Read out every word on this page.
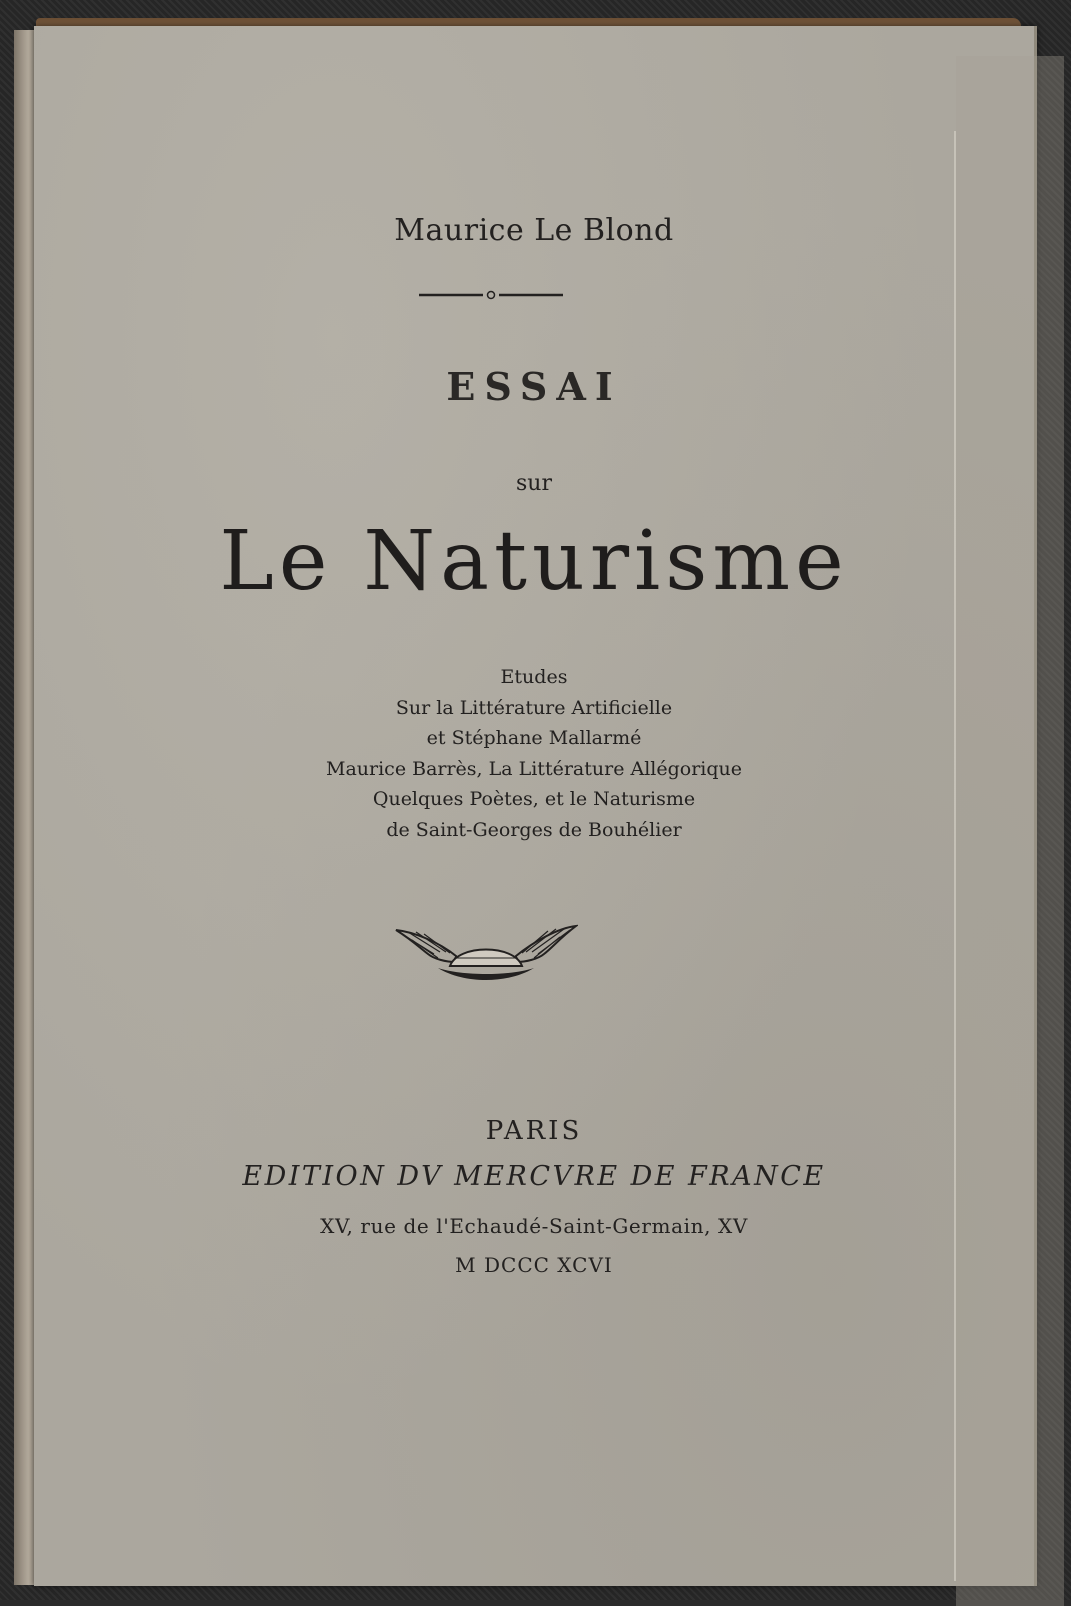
Maurice Le Blond
ESSAI
sur
Le Naturisme
Etudes
Sur la Littérature Artificielle
et Stéphane Mallarmé
Maurice Barrès, La Littérature Allégorique
Quelques Poètes, et le Naturisme
de Saint-Georges de Bouhélier
PARIS
EDITION DV MERCVRE DE FRANCE
XV, rue de l'Echaudé-Saint-Germain, XV
M DCCC XCVI
